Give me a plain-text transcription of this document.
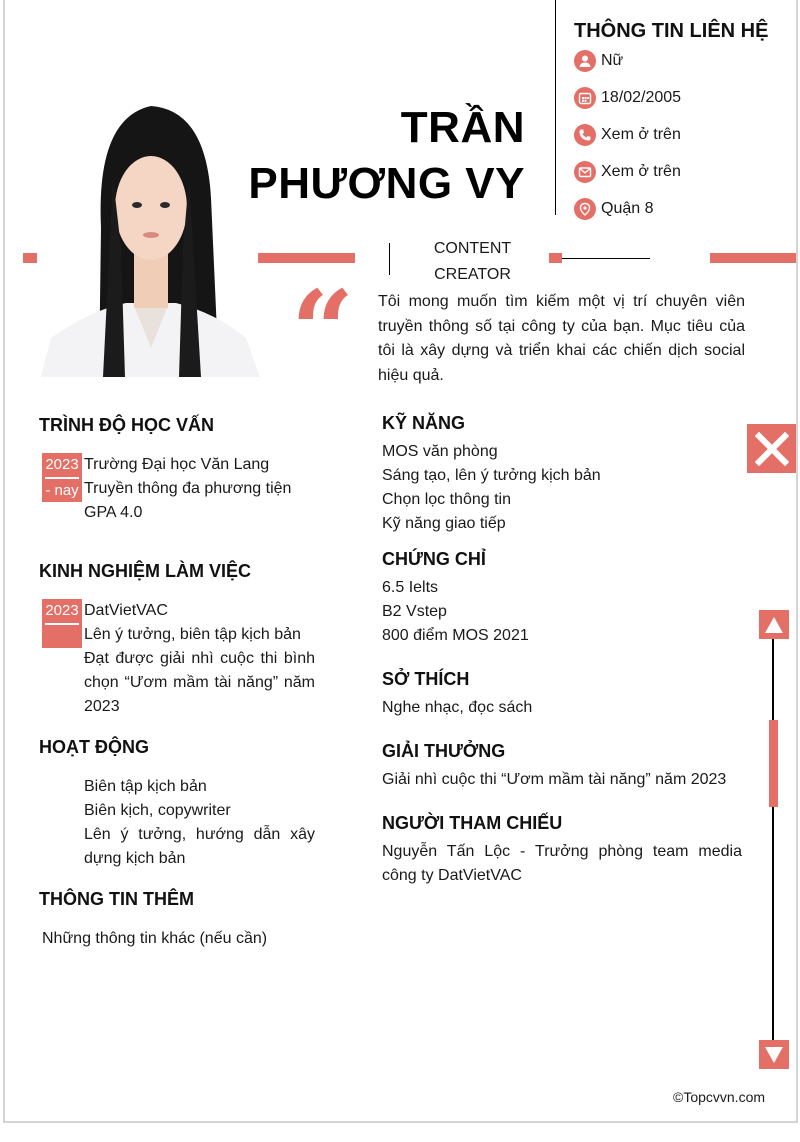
TRẦN
PHƯƠNG VY
THÔNG TIN LIÊN HỆ
Nữ
18/02/2005
Xem ở trên
Xem ở trên
Quận 8
CONTENT
CREATOR
“ Tôi mong muốn tìm kiếm một vị trí chuyên viên truyền thông số tại công ty của bạn. Mục tiêu của tôi là xây dựng và triển khai các chiến dịch social hiệu quả.
TRÌNH ĐỘ HỌC VẤN
2023
- nay
Trường Đại học Văn Lang
Truyền thông đa phương tiện
GPA 4.0
KINH NGHIỆM LÀM VIỆC
2023 DatVietVAC
Lên ý tưởng, biên tập kịch bản
Đạt được giải nhì cuộc thi bình chọn “Ươm mầm tài năng” năm 2023
HOẠT ĐỘNG
Biên tập kịch bản
Biên kịch, copywriter
Lên ý tưởng, hướng dẫn xây dựng kịch bản
THÔNG TIN THÊM
Những thông tin khác (nếu cần)
KỸ NĂNG
MOS văn phòng
Sáng tạo, lên ý tưởng kịch bản
Chọn lọc thông tin
Kỹ năng giao tiếp
CHỨNG CHỈ
6.5 Ielts
B2 Vstep
800 điểm MOS 2021
SỞ THÍCH
Nghe nhạc, đọc sách
GIẢI THƯỞNG
Giải nhì cuộc thi “Ươm mầm tài năng” năm 2023
NGƯỜI THAM CHIẾU
Nguyễn Tấn Lộc - Trưởng phòng team media công ty DatVietVAC
©Topcvvn.com
